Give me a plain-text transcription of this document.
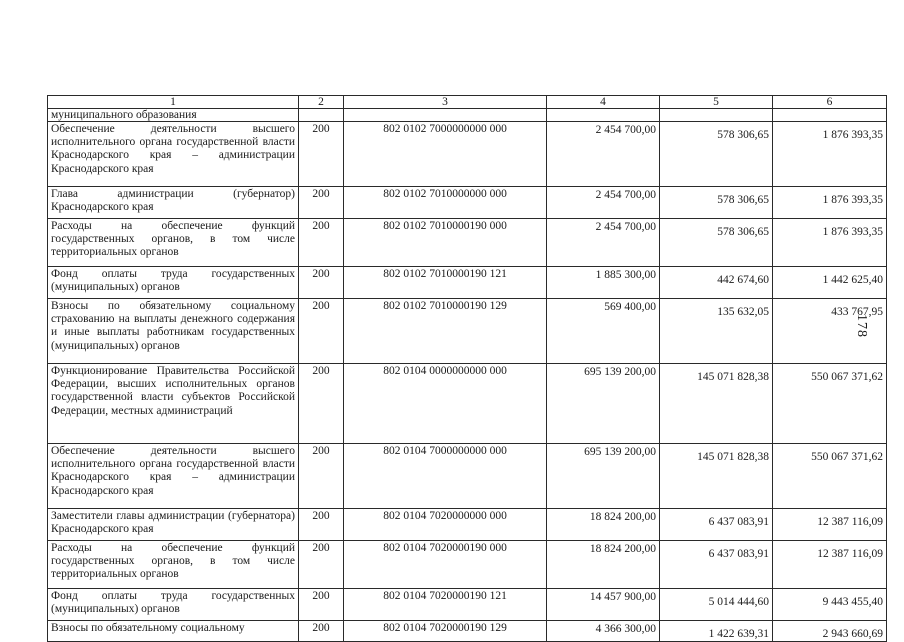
1	2	3	4	5	6
муниципального образования					
Обеспечение деятельности высшего исполнительного органа государственной власти Краснодарского края – администрации Краснодарского края	200	802 0102 7000000000 000	2 454 700,00	578 306,65	1 876 393,35
Глава администрации (губернатор) Краснодарского края	200	802 0102 7010000000 000	2 454 700,00	578 306,65	1 876 393,35
Расходы на обеспечение функций государственных органов, в том числе территориальных органов	200	802 0102 7010000190 000	2 454 700,00	578 306,65	1 876 393,35
Фонд оплаты труда государственных (муниципальных) органов	200	802 0102 7010000190 121	1 885 300,00	442 674,60	1 442 625,40
Взносы по обязательному социальному страхованию на выплаты денежного содержания и иные выплаты работникам государственных (муниципальных) органов	200	802 0102 7010000190 129	569 400,00	135 632,05	433 767,95
Функционирование Правительства Российской Федерации, высших исполнительных органов государственной власти субъектов Российской Федерации, местных администраций	200	802 0104 0000000000 000	695 139 200,00	145 071 828,38	550 067 371,62
Обеспечение деятельности высшего исполнительного органа государственной власти Краснодарского края – администрации Краснодарского края	200	802 0104 7000000000 000	695 139 200,00	145 071 828,38	550 067 371,62
Заместители главы администрации (губернатора) Краснодарского края	200	802 0104 7020000000 000	18 824 200,00	6 437 083,91	12 387 116,09
Расходы на обеспечение функций государственных органов, в том числе территориальных органов	200	802 0104 7020000190 000	18 824 200,00	6 437 083,91	12 387 116,09
Фонд оплаты труда государственных (муниципальных) органов	200	802 0104 7020000190 121	14 457 900,00	5 014 444,60	9 443 455,40
Взносы по обязательному социальному	200	802 0104 7020000190 129	4 366 300,00	1 422 639,31	2 943 660,69
178
